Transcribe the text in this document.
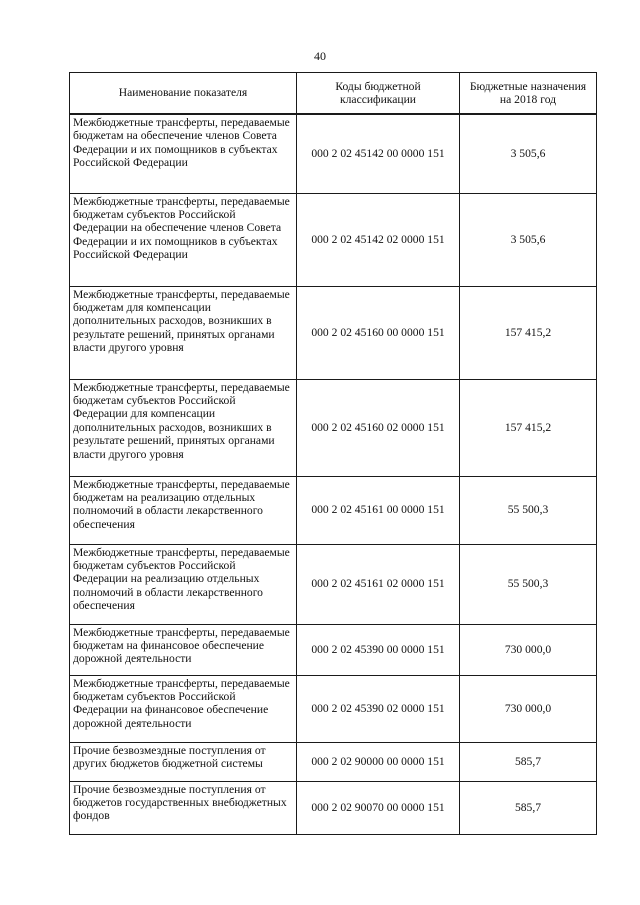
40
Наименование показателя	Коды бюджетной классификации	Бюджетные назначения на 2018 год
Межбюджетные трансферты, передаваемые бюджетам на обеспечение членов Совета Федерации и их помощников в субъектах Российской Федерации	000 2 02 45142 00 0000 151	3 505,6
Межбюджетные трансферты, передаваемые бюджетам субъектов Российской Федерации на обеспечение членов Совета Федерации и их помощников в субъектах Российской Федерации	000 2 02 45142 02 0000 151	3 505,6
Межбюджетные трансферты, передаваемые бюджетам для компенсации дополнительных расходов, возникших в результате решений, принятых органами власти другого уровня	000 2 02 45160 00 0000 151	157 415,2
Межбюджетные трансферты, передаваемые бюджетам субъектов Российской Федерации для компенсации дополнительных расходов, возникших в результате решений, принятых органами власти другого уровня	000 2 02 45160 02 0000 151	157 415,2
Межбюджетные трансферты, передаваемые бюджетам на реализацию отдельных полномочий в области лекарственного обеспечения	000 2 02 45161 00 0000 151	55 500,3
Межбюджетные трансферты, передаваемые бюджетам субъектов Российской Федерации на реализацию отдельных полномочий в области лекарственного обеспечения	000 2 02 45161 02 0000 151	55 500,3
Межбюджетные трансферты, передаваемые бюджетам на финансовое обеспечение дорожной деятельности	000 2 02 45390 00 0000 151	730 000,0
Межбюджетные трансферты, передаваемые бюджетам субъектов Российской Федерации на финансовое обеспечение дорожной деятельности	000 2 02 45390 02 0000 151	730 000,0
Прочие безвозмездные поступления от других бюджетов бюджетной системы	000 2 02 90000 00 0000 151	585,7
Прочие безвозмездные поступления от бюджетов государственных внебюджетных фондов	000 2 02 90070 00 0000 151	585,7
